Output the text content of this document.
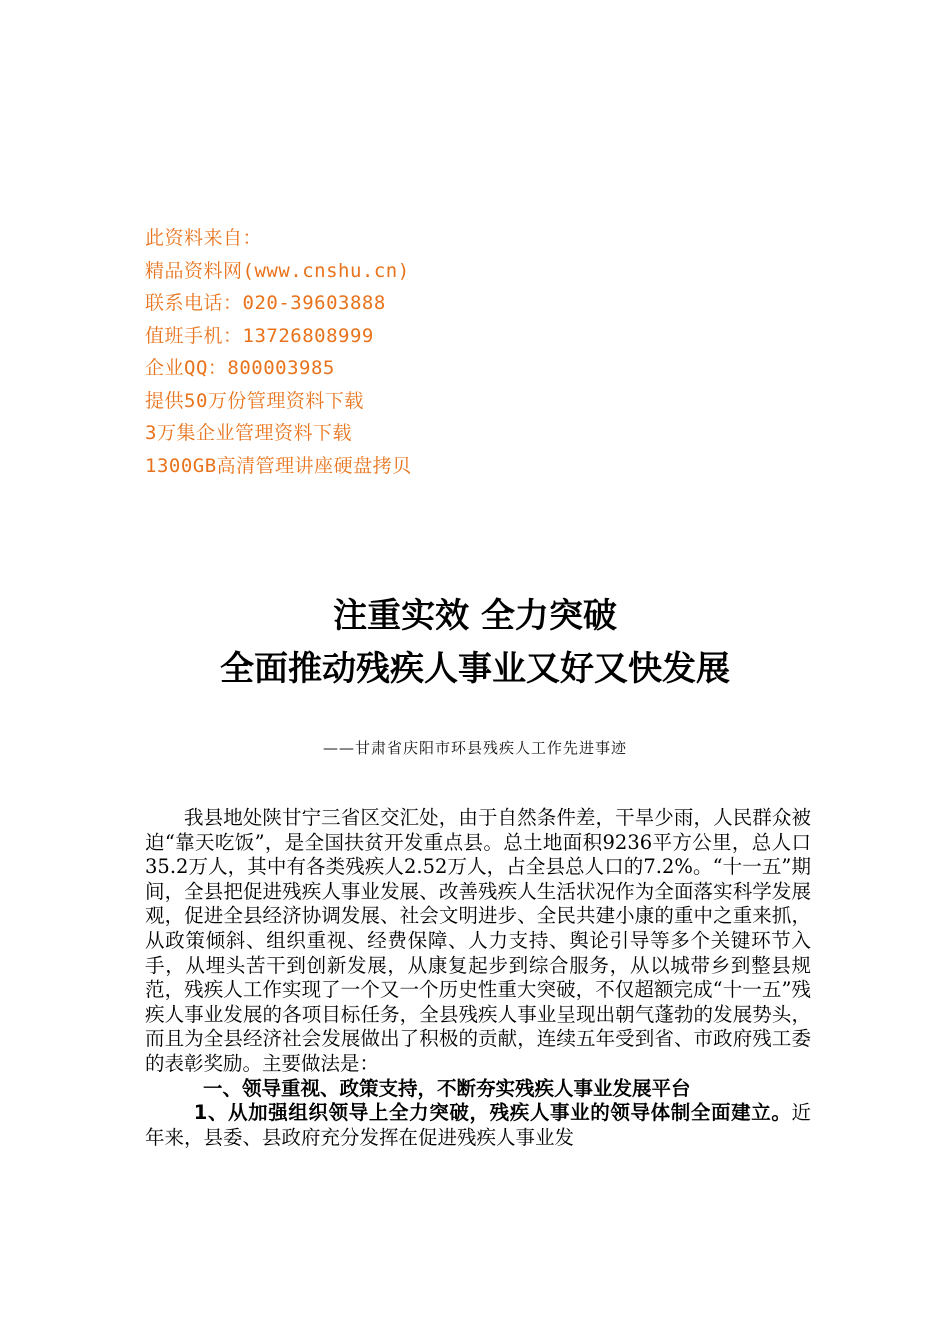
此资料来自：
精品资料网(www.cnshu.cn)
联系电话：020-39603888
值班手机：13726808999
企业QQ：800003985
提供50万份管理资料下载
3万集企业管理资料下载
1300GB高清管理讲座硬盘拷贝
注重实效 全力突破
全面推动残疾人事业又好又快发展
——甘肃省庆阳市环县残疾人工作先进事迹

我县地处陕甘宁三省区交汇处，由于自然条件差，干旱少雨，人民群众被迫“靠天吃饭”，是全国扶贫开发重点县。总土地面积9236平方公里，总人口35.2万人，其中有各类残疾人2.52万人，占全县总人口的7.2%。“十一五”期间，全县把促进残疾人事业发展、改善残疾人生活状况作为全面落实科学发展观，促进全县经济协调发展、社会文明进步、全民共建小康的重中之重来抓，从政策倾斜、组织重视、经费保障、人力支持、舆论引导等多个关键环节入手，从埋头苦干到创新发展，从康复起步到综合服务，从以城带乡到整县规范，残疾人工作实现了一个又一个历史性重大突破，不仅超额完成“十一五”残疾人事业发展的各项目标任务，全县残疾人事业呈现出朝气蓬勃的发展势头，而且为全县经济社会发展做出了积极的贡献，连续五年受到省、市政府残工委的表彰奖励。主要做法是：

一、领导重视、政策支持，不断夯实残疾人事业发展平台

1、从加强组织领导上全力突破，残疾人事业的领导体制全面建立。近年来，县委、县政府充分发挥在促进残疾人事业发
